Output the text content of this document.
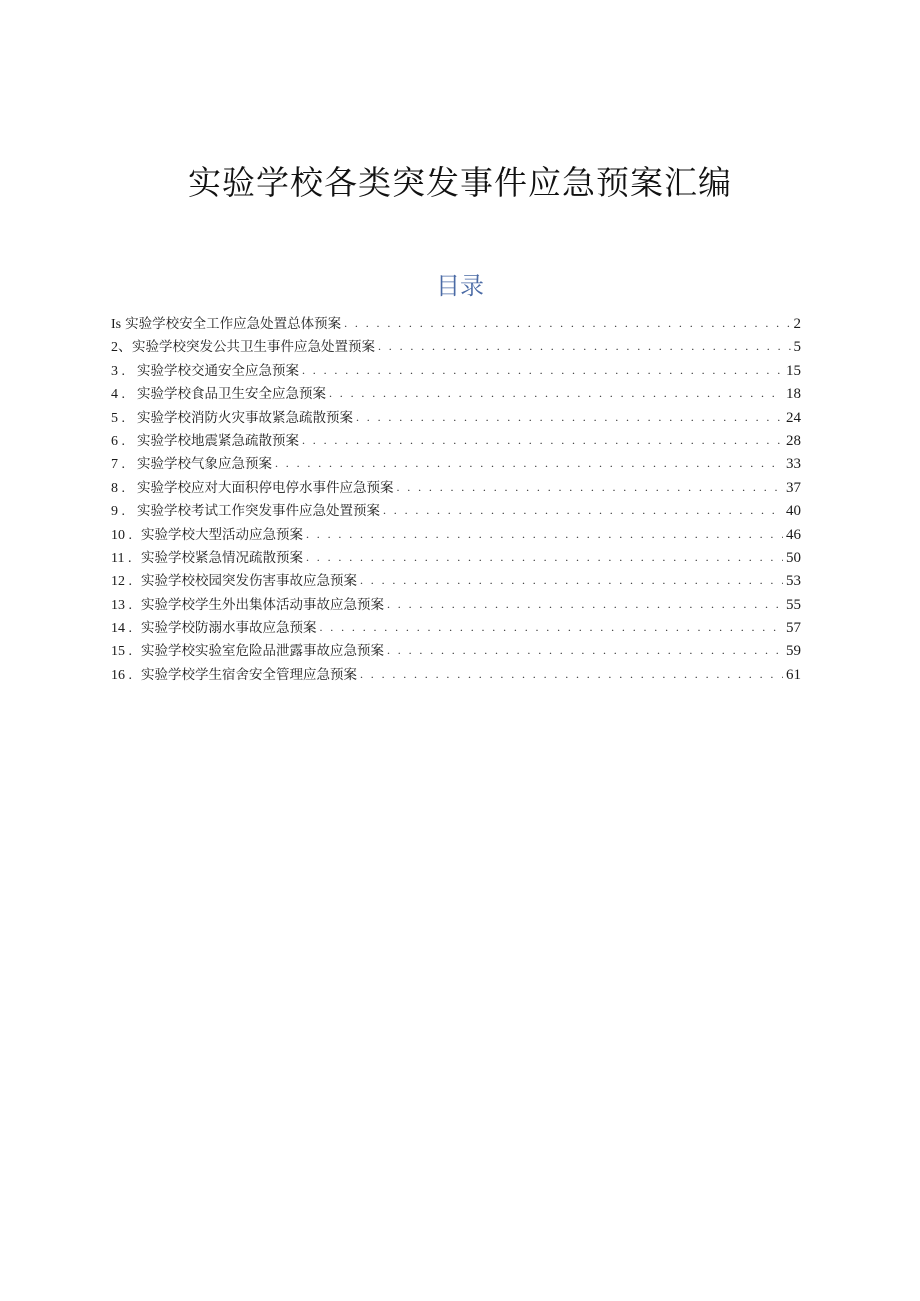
实验学校各类突发事件应急预案汇编
目录
Is 实验学校安全工作应急处置总体预案 . . .	2
2、 实验学校突发公共卫生事件应急处置预案 . . .	5
3 . 实验学校交通安全应急预案 . . .	15
4 . 实验学校食品卫生安全应急预案 . . .	18
5 . 实验学校消防火灾事故紧急疏散预案 . . .	24
6 . 实验学校地震紧急疏散预案 . . .	28
7 . 实验学校气象应急预案 . . .	33
8 . 实验学校应对大面积停电停水事件应急预案 . . .	37
9 . 实验学校考试工作突发事件应急处置预案 . . .	40
10 . 实验学校大型活动应急预案 . . .	46
11 . 实验学校紧急情况疏散预案 . . .	50
12 . 实验学校校园突发伤害事故应急预案 . . .	53
13 . 实验学校学生外出集体活动事故应急预案 . . .	55
14 . 实验学校防溺水事故应急预案 . . .	57
15 . 实验学校实验室危险品泄露事故应急预案 . . .	59
16 . 实验学校学生宿舍安全管理应急预案 . . .	61
